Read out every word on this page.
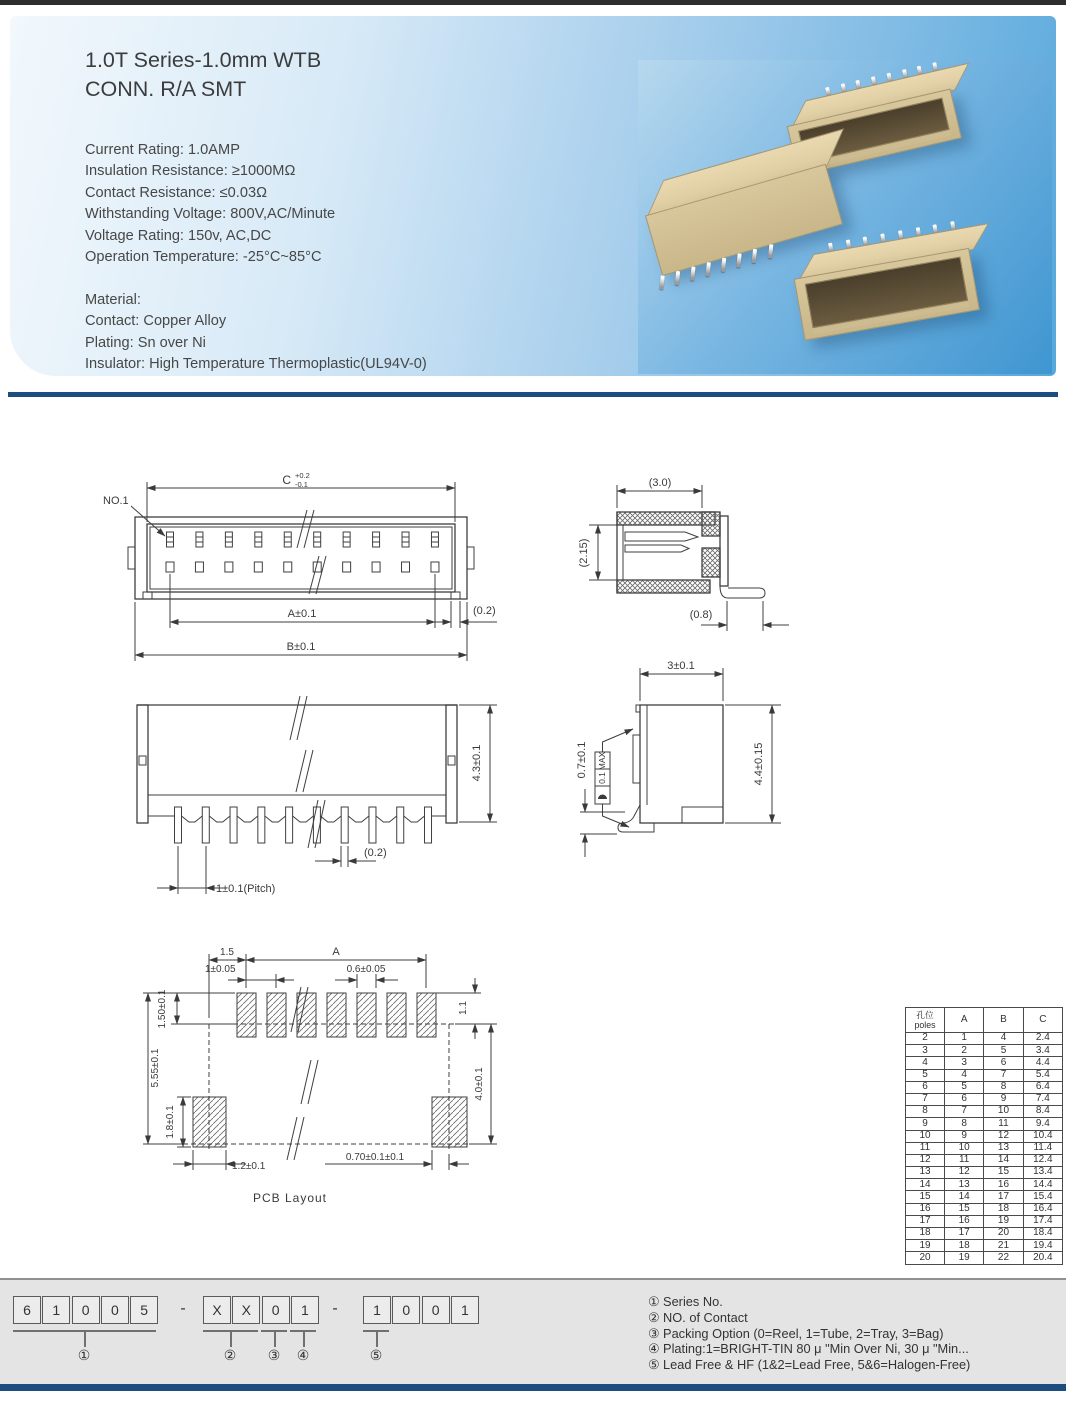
1.0T Series-1.0mm WTB
CONN. R/A SMT
Current Rating: 1.0AMP
Insulation Resistance: ≥1000MΩ
Contact Resistance: ≤0.03Ω
Withstanding Voltage: 800V,AC/Minute
Voltage Rating: 150v, AC,DC
Operation Temperature: -25°C~85°C
Material:
Contact: Copper Alloy
Plating: Sn over Ni
Insulator: High Temperature Thermoplastic(UL94V-0)
C +0.2
-0.1
NO.1
A±0.1
B±0.1
(0.2)
(3.0)
(2.15)
(0.8)
4.3±0.1
(0.2)
1±0.1(Pitch)
3±0.1
4.4±0.15
0.7±0.1 MAX
0.1
1.5	A
1±0.05	0.6±0.05
1.50±0.1	1.1
5.55±0.1
1.8±0.1
4.0±0.1
1.2±0.1
0.70±0.1±0.1
PCB Layout
孔位
poles	A	B	C
2	1	4	2.4
3	2	5	3.4
4	3	6	4.4
5	4	7	5.4
6	5	8	6.4
7	6	9	7.4
8	7	10	8.4
9	8	11	9.4
10	9	12	10.4
11	10	13	11.4
12	11	14	12.4
13	12	15	13.4
14	13	16	14.4
15	14	17	15.4
16	15	18	16.4
17	16	19	17.4
18	17	20	18.4
19	18	21	19.4
20	19	22	20.4
6	1	0	0	5	X	X	0	1	1	0	0	1
-	-
①	② ③ ④	⑤
① Series No.
② NO. of Contact
③ Packing Option (0=Reel, 1=Tube, 2=Tray, 3=Bag)
④ Plating:1=BRIGHT-TIN 80 μ "Min Over Ni, 30 μ "Min...
⑤ Lead Free & HF (1&2=Lead Free, 5&6=Halogen-Free)
